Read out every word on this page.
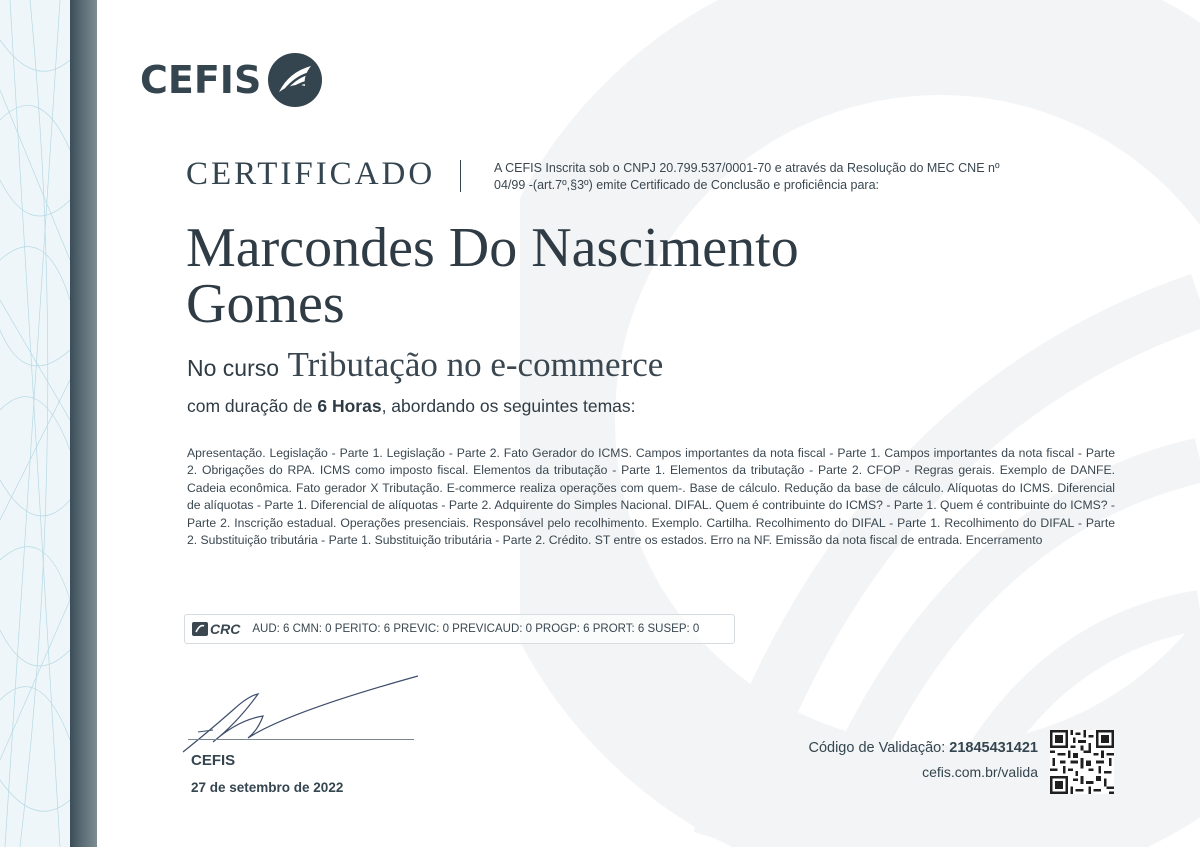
CEFIS
CERTIFICADO	A CEFIS Inscrita sob o CNPJ 20.799.537/0001-70 e através da Resolução do MEC CNE nº 04/99 -(art.7º,§3º) emite Certificado de Conclusão e proficiência para:
Marcondes Do Nascimento Gomes
No curso Tributação no e-commerce
com duração de 6 Horas, abordando os seguintes temas:
Apresentação. Legislação - Parte 1. Legislação - Parte 2. Fato Gerador do ICMS. Campos importantes da nota fiscal - Parte 1. Campos importantes da nota fiscal - Parte 2. Obrigações do RPA. ICMS como imposto fiscal. Elementos da tributação - Parte 1. Elementos da tributação - Parte 2. CFOP - Regras gerais. Exemplo de DANFE. Cadeia econômica. Fato gerador X Tributação. E-commerce realiza operações com quem-. Base de cálculo. Redução da base de cálculo. Alíquotas do ICMS. Diferencial de alíquotas - Parte 1. Diferencial de alíquotas - Parte 2. Adquirente do Simples Nacional. DIFAL. Quem é contribuinte do ICMS? - Parte 1. Quem é contribuinte do ICMS? - Parte 2. Inscrição estadual. Operações presenciais. Responsável pelo recolhimento. Exemplo. Cartilha. Recolhimento do DIFAL - Parte 1. Recolhimento do DIFAL - Parte 2. Substituição tributária - Parte 1. Substituição tributária - Parte 2. Crédito. ST entre os estados. Erro na NF. Emissão da nota fiscal de entrada. Encerramento
CRC AUD: 6 CMN: 0 PERITO: 6 PREVIC: 0 PREVICAUD: 0 PROGP: 6 PRORT: 6 SUSEP: 0
CEFIS
27 de setembro de 2022
Código de Validação: 21845431421
cefis.com.br/valida
